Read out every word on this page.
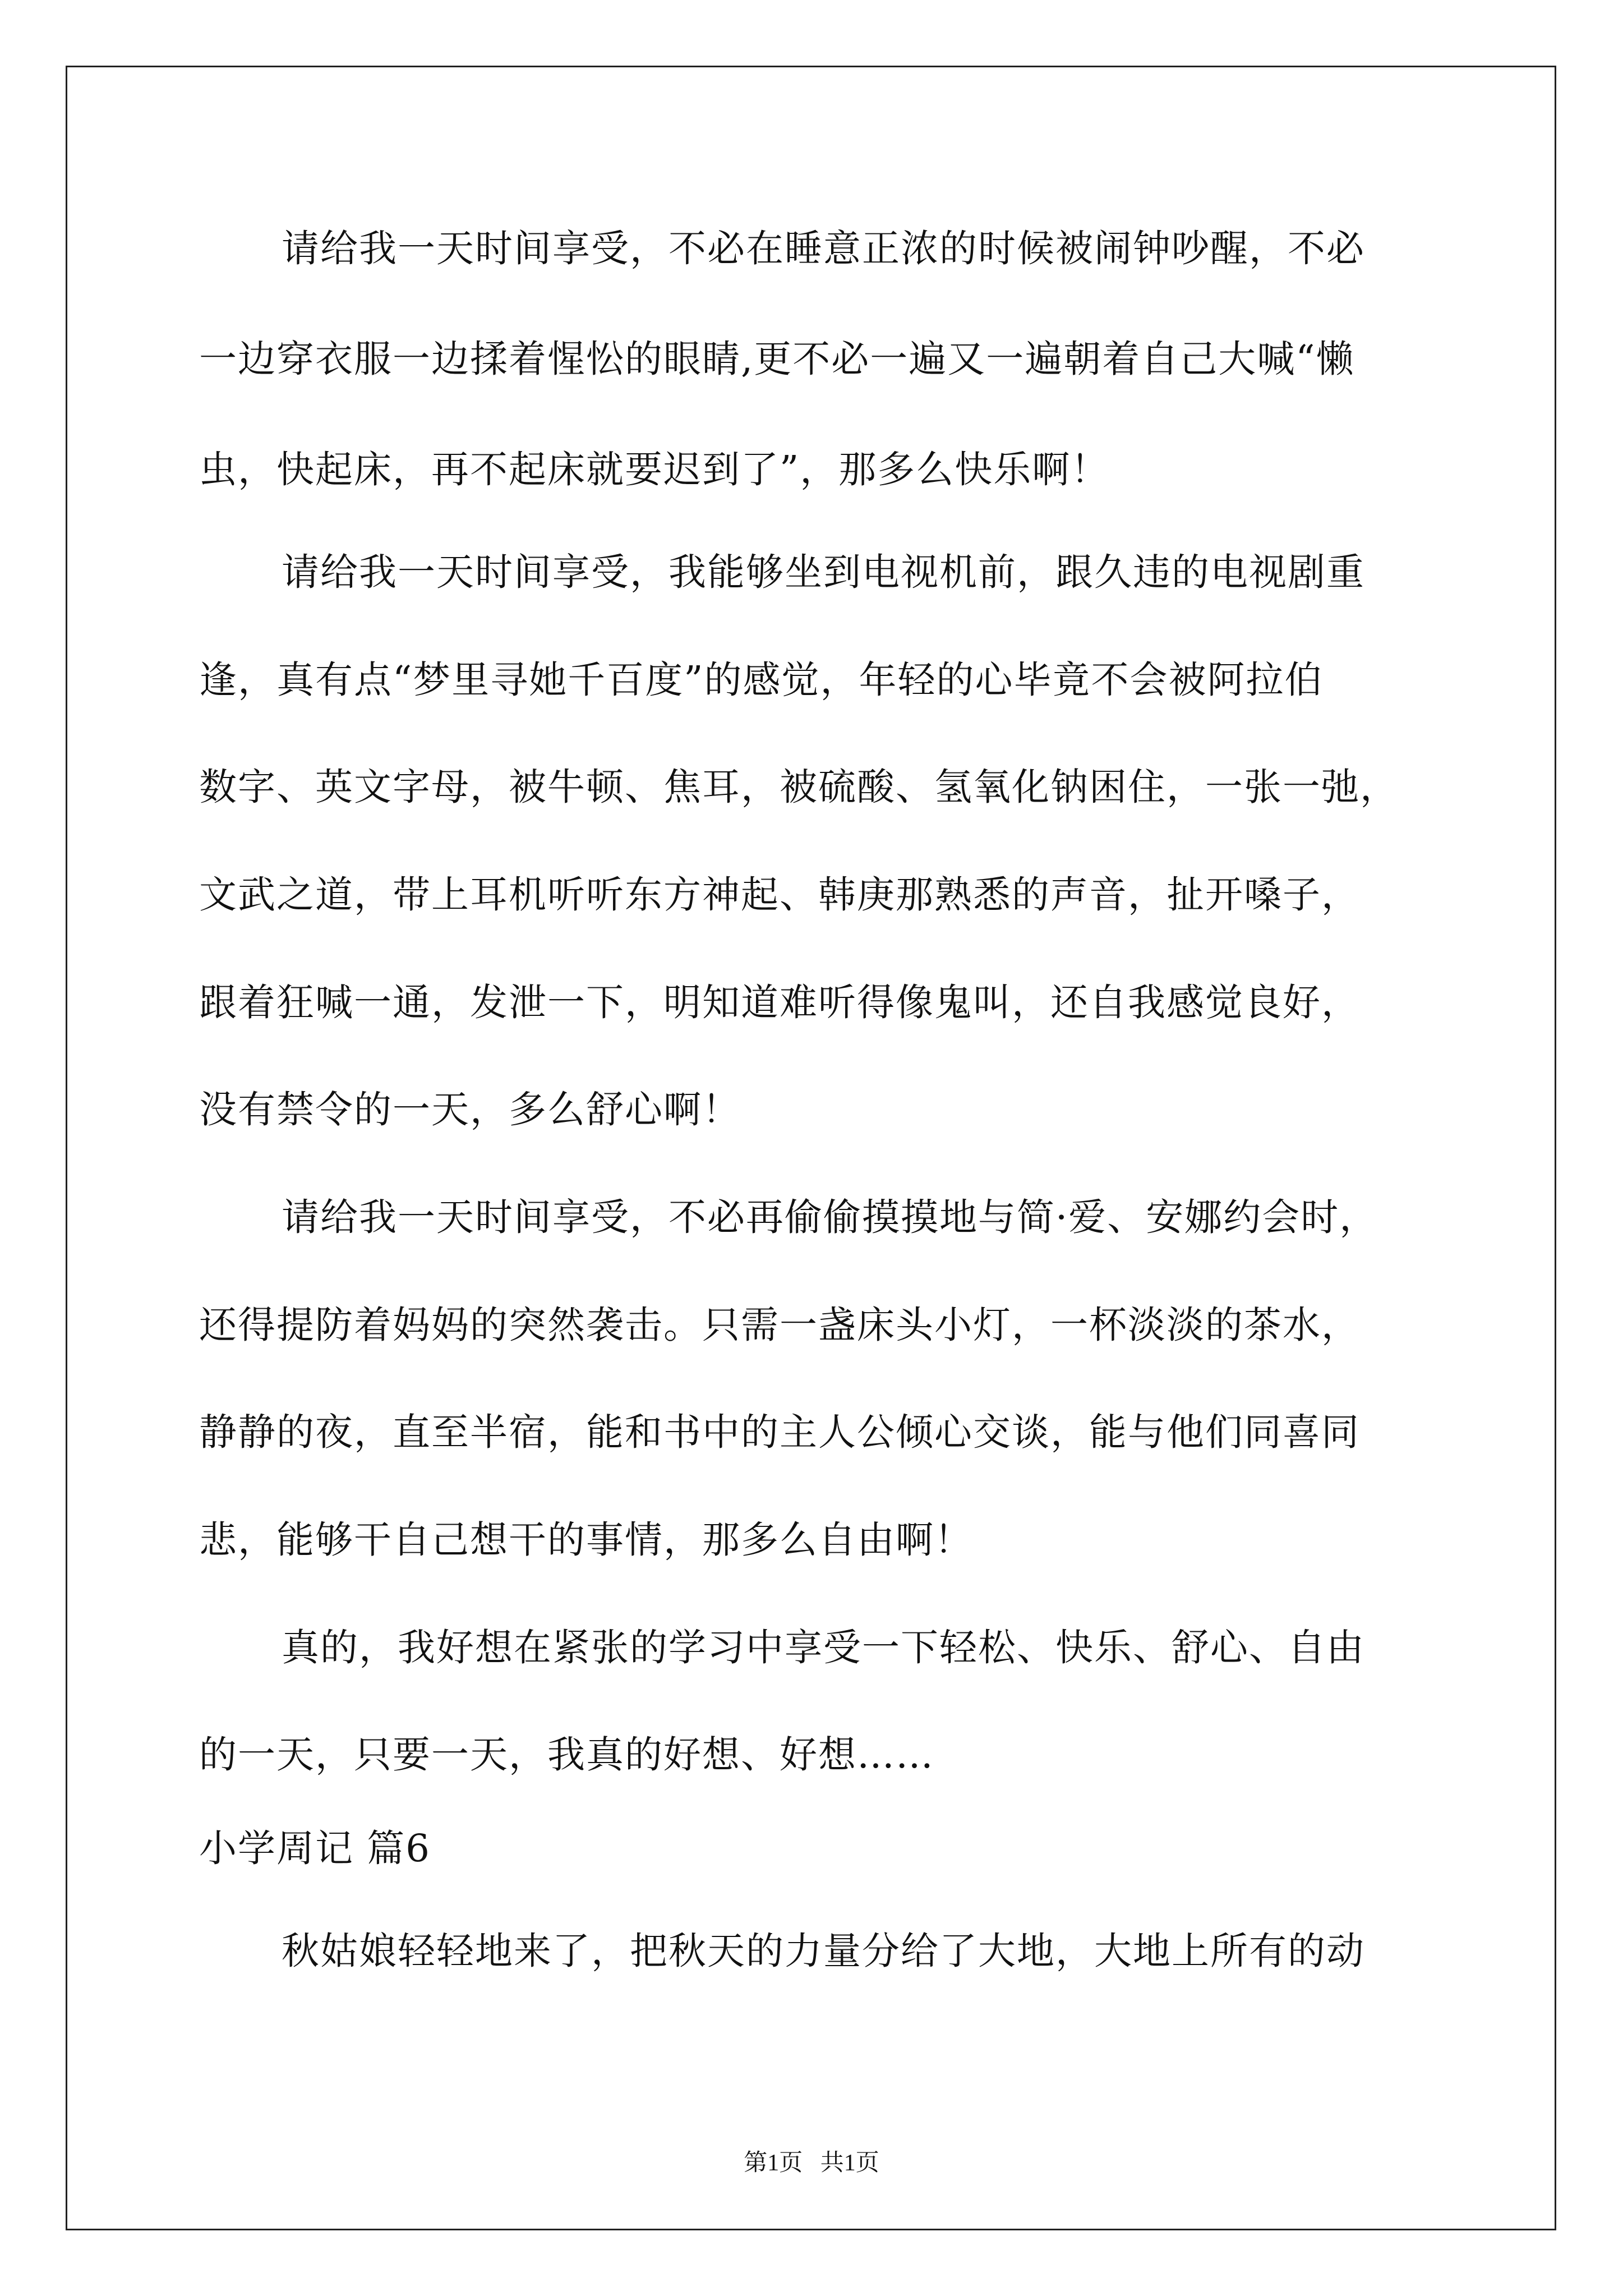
请给我一天时间享受，不必在睡意正浓的时候被闹钟吵醒，不必
一边穿衣服一边揉着惺忪的眼睛,更不必一遍又一遍朝着自己大喊“懒
虫，快起床，再不起床就要迟到了”，那多么快乐啊！
请给我一天时间享受，我能够坐到电视机前，跟久违的电视剧重
逢，真有点“梦里寻她千百度”的感觉，年轻的心毕竟不会被阿拉伯
数字、英文字母，被牛顿、焦耳，被硫酸、氢氧化钠困住，一张一弛，
文武之道，带上耳机听听东方神起、韩庚那熟悉的声音，扯开嗓子，
跟着狂喊一通，发泄一下，明知道难听得像鬼叫，还自我感觉良好，
没有禁令的一天，多么舒心啊！
请给我一天时间享受，不必再偷偷摸摸地与简·爱、安娜约会时，
还得提防着妈妈的突然袭击。只需一盏床头小灯，一杯淡淡的茶水，
静静的夜，直至半宿，能和书中的主人公倾心交谈，能与他们同喜同
悲，能够干自己想干的事情，那多么自由啊！
真的，我好想在紧张的学习中享受一下轻松、快乐、舒心、自由
的一天，只要一天，我真的好想、好想……
小学周记 篇6
秋姑娘轻轻地来了，把秋天的力量分给了大地，大地上所有的动
第1页   共1页
